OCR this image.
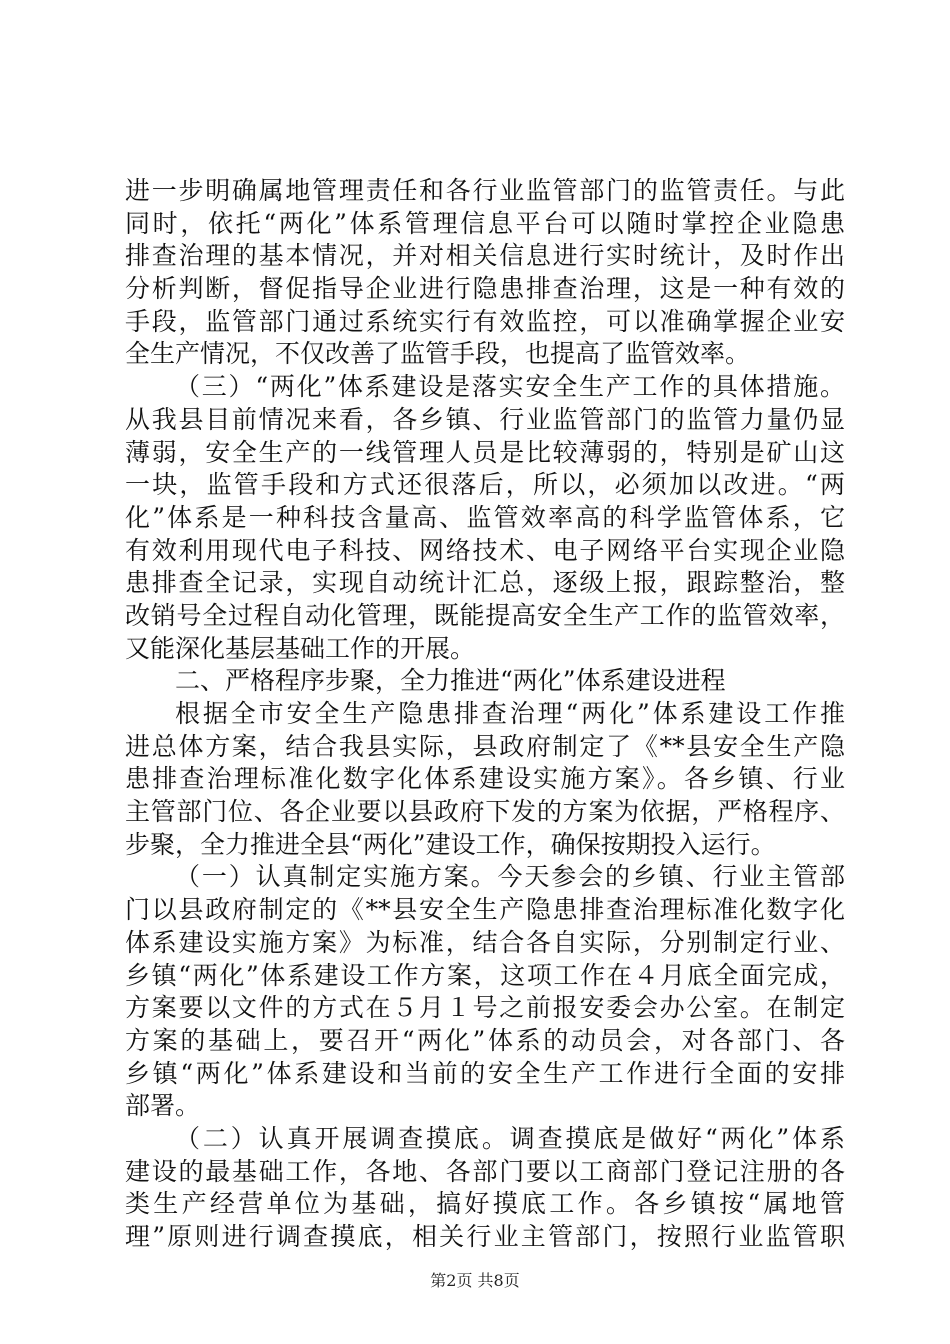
进一步明确属地管理责任和各行业监管部门的监管责任。与此
同时，依托“两化”体系管理信息平台可以随时掌控企业隐患
排查治理的基本情况，并对相关信息进行实时统计，及时作出
分析判断，督促指导企业进行隐患排查治理，这是一种有效的
手段，监管部门通过系统实行有效监控，可以准确掌握企业安
全生产情况，不仅改善了监管手段，也提高了监管效率。
（三）“两化”体系建设是落实安全生产工作的具体措施。
从我县目前情况来看，各乡镇、行业监管部门的监管力量仍显
薄弱，安全生产的一线管理人员是比较薄弱的，特别是矿山这
一块，监管手段和方式还很落后，所以，必须加以改进。“两
化”体系是一种科技含量高、监管效率高的科学监管体系，它
有效利用现代电子科技、网络技术、电子网络平台实现企业隐
患排查全记录，实现自动统计汇总，逐级上报，跟踪整治，整
改销号全过程自动化管理，既能提高安全生产工作的监管效率，
又能深化基层基础工作的开展。
二、严格程序步聚，全力推进“两化”体系建设进程
根据全市安全生产隐患排查治理“两化”体系建设工作推
进总体方案，结合我县实际，县政府制定了《**县安全生产隐
患排查治理标准化数字化体系建设实施方案》。各乡镇、行业
主管部门位、各企业要以县政府下发的方案为依据，严格程序、
步聚，全力推进全县“两化”建设工作，确保按期投入运行。
（一）认真制定实施方案。今天参会的乡镇、行业主管部
门以县政府制定的《**县安全生产隐患排查治理标准化数字化
体系建设实施方案》为标准，结合各自实际，分别制定行业、
乡镇“两化”体系建设工作方案，这项工作在４月底全面完成，
方案要以文件的方式在５月１号之前报安委会办公室。在制定
方案的基础上，要召开“两化”体系的动员会，对各部门、各
乡镇“两化”体系建设和当前的安全生产工作进行全面的安排
部署。
（二）认真开展调查摸底。调查摸底是做好“两化”体系
建设的最基础工作，各地、各部门要以工商部门登记注册的各
类生产经营单位为基础，搞好摸底工作。各乡镇按“属地管
理”原则进行调查摸底，相关行业主管部门，按照行业监管职
第2页 共8页
